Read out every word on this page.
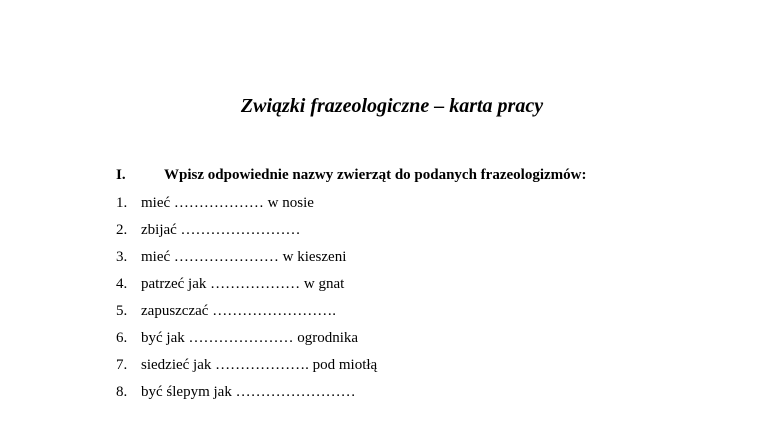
Związki frazeologiczne – karta pracy
I.	Wpisz odpowiednie nazwy zwierząt do podanych frazeologizmów:
1. mieć ……………… w nosie
2. zbijać ……………………
3. mieć ………………… w kieszeni
4. patrzeć jak ……………… w gnat
5. zapuszczać …………………….
6. być jak ………………… ogrodnika
7. siedzieć jak ………………. pod miotłą
8. być ślepym jak ……………………
